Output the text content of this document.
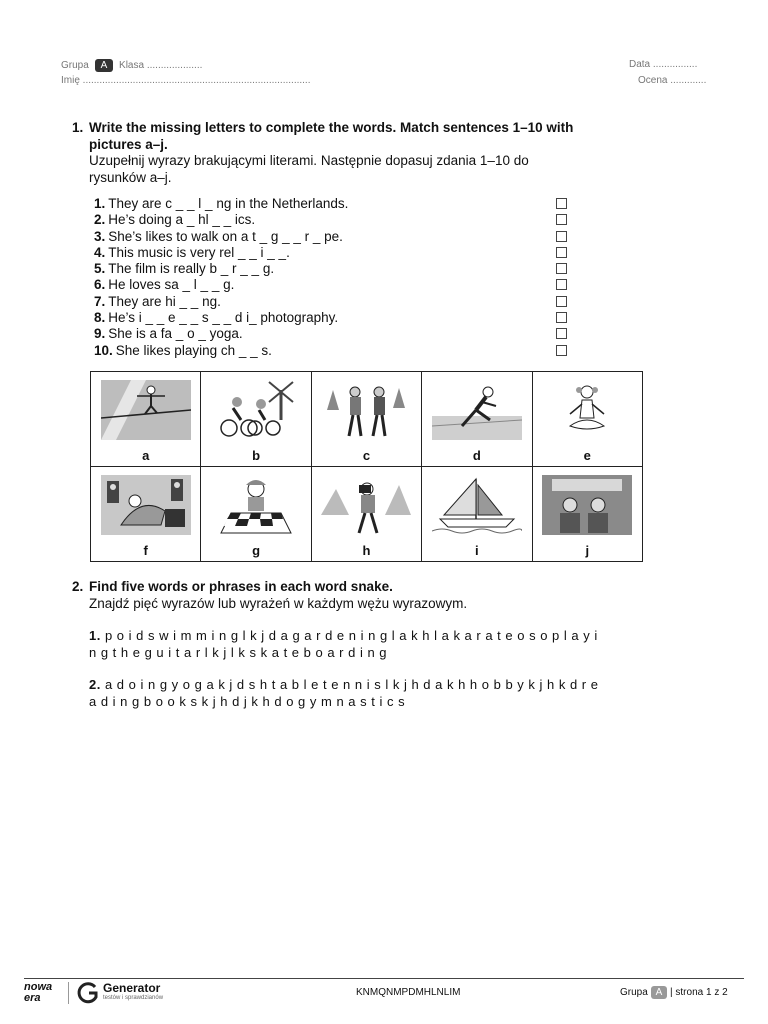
Grupa A Klasa ....................
Imię ..................................................................................
Data ................
Ocena .............
1. Write the missing letters to complete the words. Match sentences 1–10 with
pictures a–j.
Uzupełnij wyrazy brakującymi literami. Następnie dopasuj zdania 1–10 do
rysunków a–j.
1. They are c _ _ l _ ng in the Netherlands.
2. He’s doing a _ hl _ _ ics.
3. She’s likes to walk on a t _ g _ _ r _ pe.
4. This music is very rel _ _ i _ _.
5. The film is really b _ r _ _ g.
6. He loves sa _ l _ _ g.
7. They are hi _ _ ng.
8. He’s i _ _ e _ _ s _ _ d i_ photography.
9. She is a fa _ o _ yoga.
10. She likes playing ch _ _ s.
a	b	c	d	e

f	g	h	i	j
2. Find five words or phrases in each word snake.
Znajdź pięć wyrazów lub wyrażeń w każdym wężu wyrazowym.
1. p o i d s w i m m i n g l k j d a g a r d e n i n g l a k h l a k a r a t e o s o p l a y i
n g t h e g u i t a r l k j l k s k a t e b o a r d i n g
2. a d o i n g y o g a k j d s h t a b l e t e n n i s l k j h d a k h h o b b y k j h k d r e
a d i n g b o o k s k j h d j k h d o g y m n a s t i c s
nowa era
Generator
testów i sprawdzianów	KNMQNMPDMHLNLIM	Grupa A | strona 1 z 2
